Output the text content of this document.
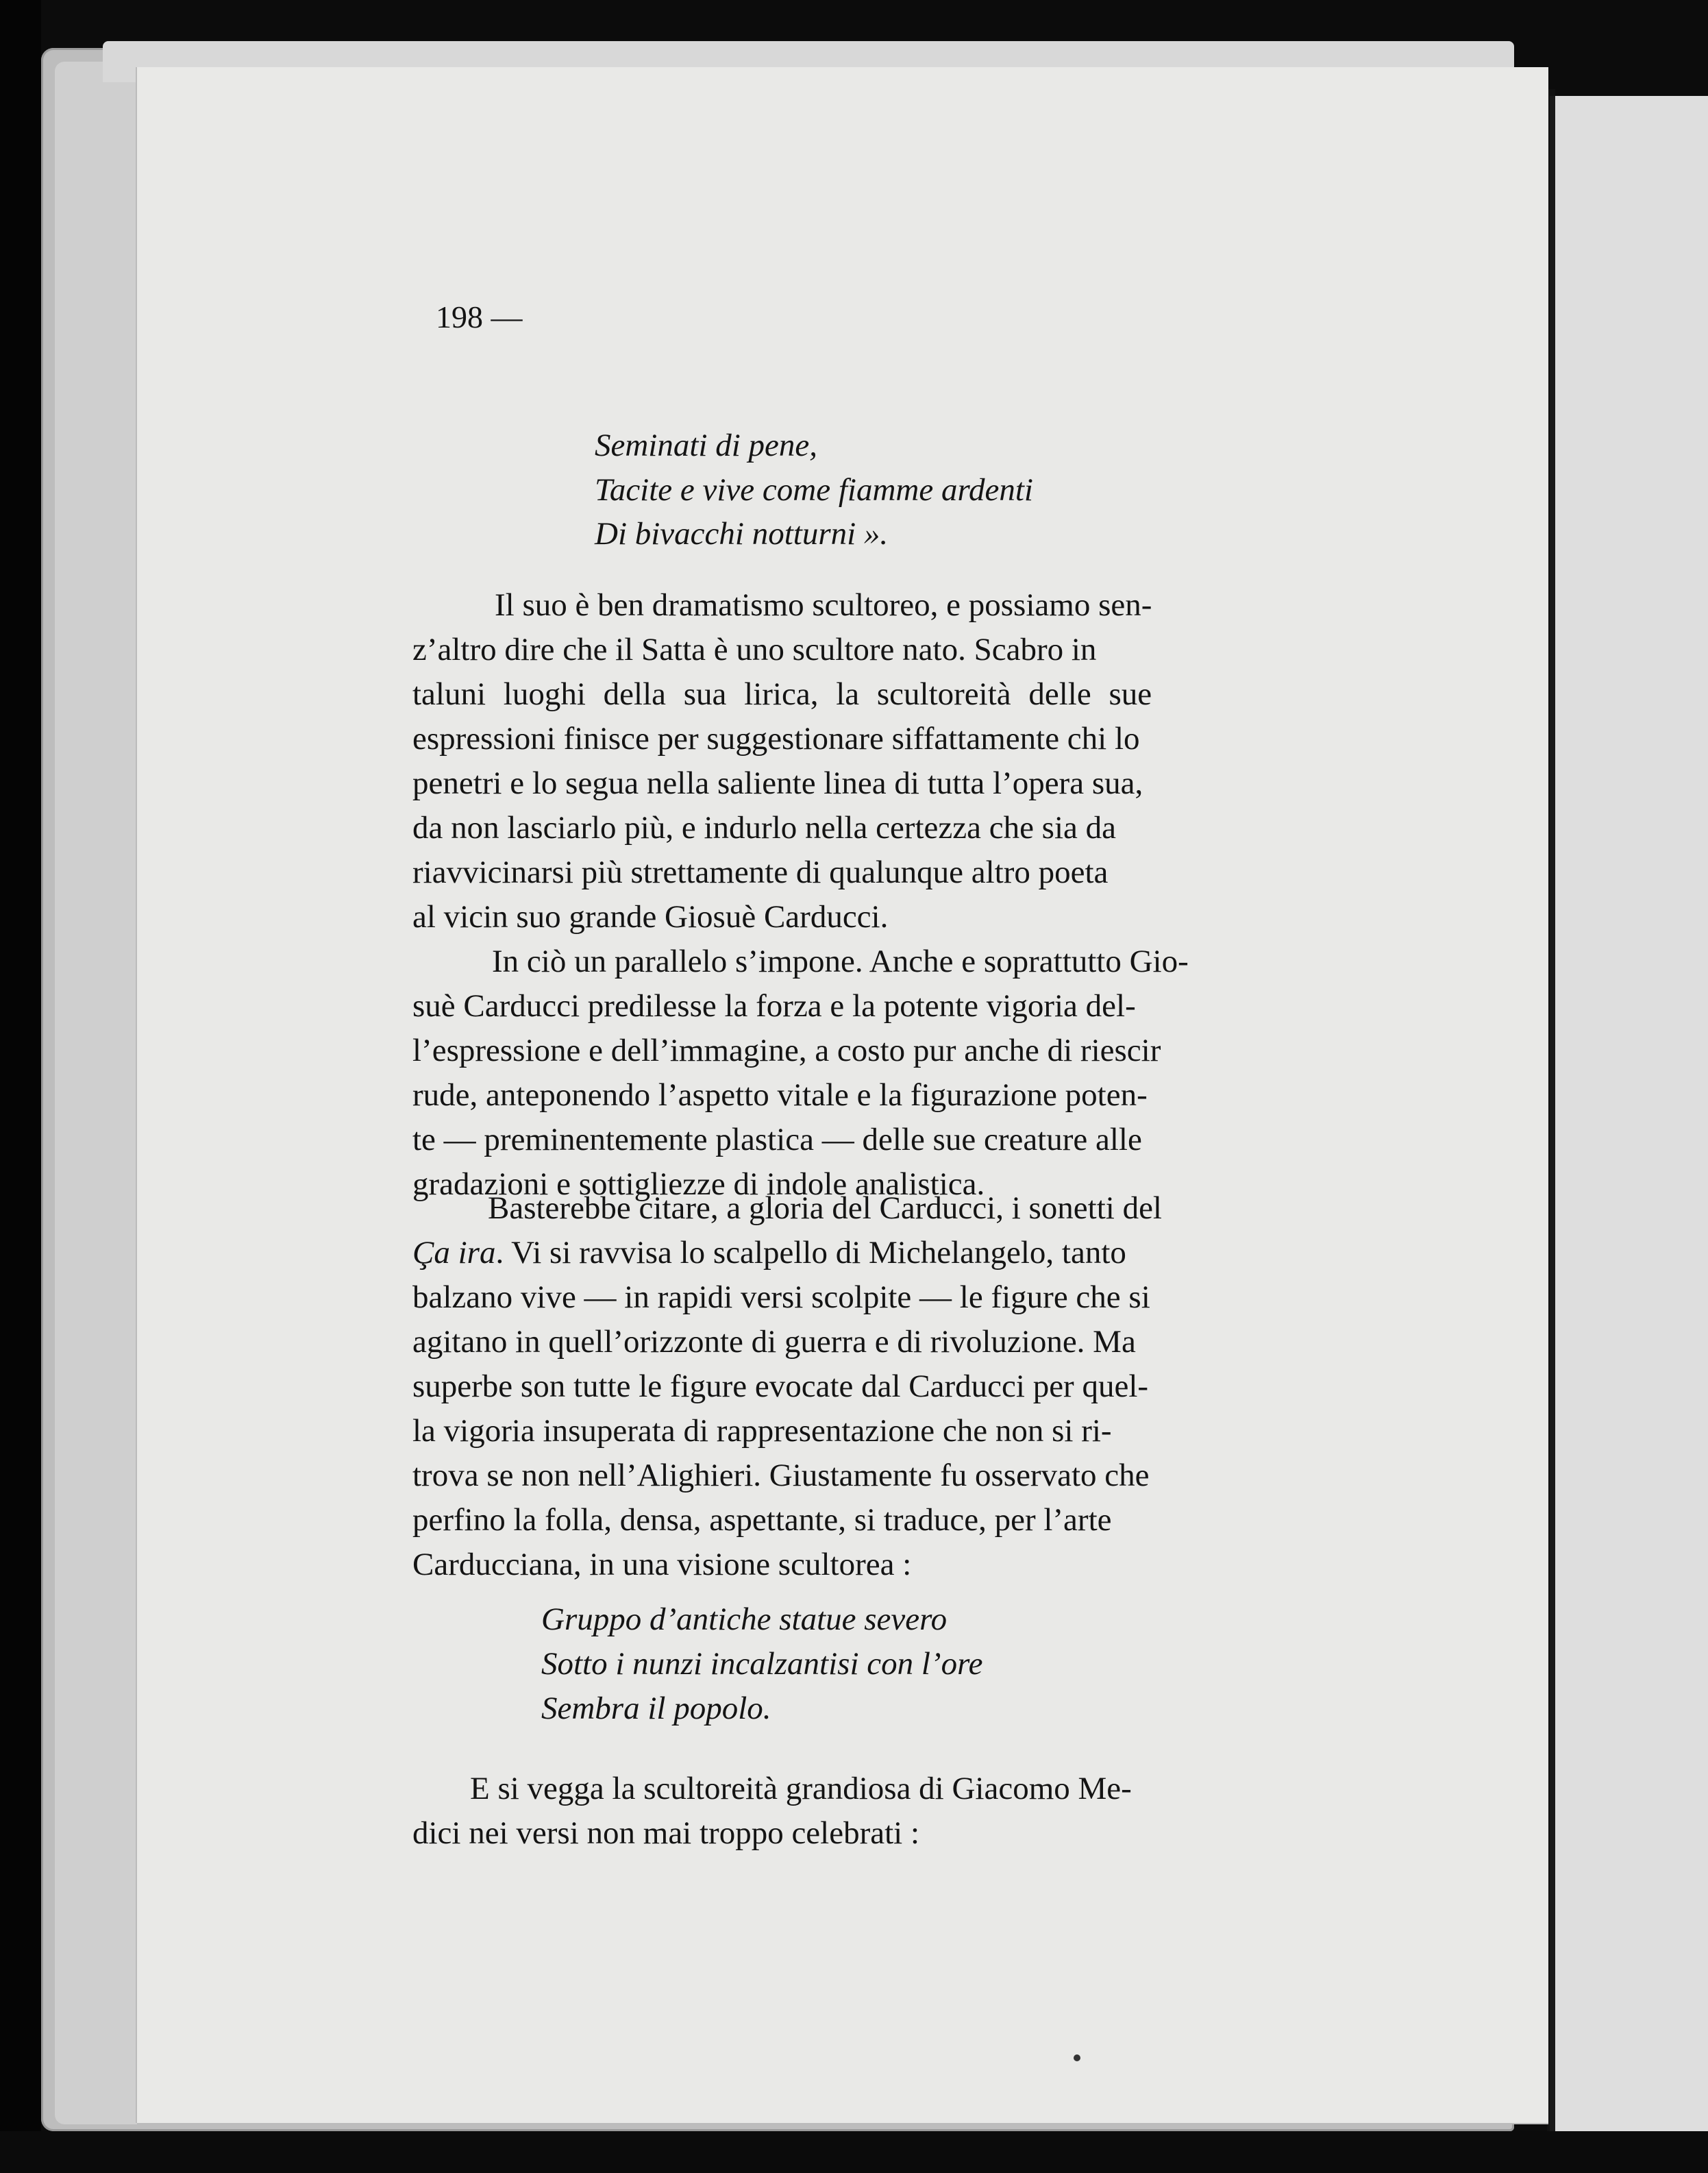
198 —
Seminati di pene,
Tacite e vive come fiamme ardenti
Di bivacchi notturni ».
Il suo è ben dramatismo scultoreo, e possiamo sen-
z’altro dire che il Satta è uno scultore nato. Scabro in
taluni luoghi della sua lirica, la scultoreità delle sue
espressioni finisce per suggestionare siffattamente chi lo
penetri e lo segua nella saliente linea di tutta l’opera sua,
da non lasciarlo più, e indurlo nella certezza che sia da
riavvicinarsi più strettamente di qualunque altro poeta
al vicin suo grande Giosuè Carducci.
In ciò un parallelo s’impone. Anche e soprattutto Gio-
suè Carducci predilesse la forza e la potente vigoria del-
l’espressione e dell’immagine, a costo pur anche di riescir
rude, anteponendo l’aspetto vitale e la figurazione poten-
te — preminentemente plastica — delle sue creature alle
gradazioni e sottigliezze di indole analistica.
Basterebbe citare, a gloria del Carducci, i sonetti del
Ça ira. Vi si ravvisa lo scalpello di Michelangelo, tanto
balzano vive — in rapidi versi scolpite — le figure che si
agitano in quell’orizzonte di guerra e di rivoluzione. Ma
superbe son tutte le figure evocate dal Carducci per quel-
la vigoria insuperata di rappresentazione che non si ri-
trova se non nell’Alighieri. Giustamente fu osservato che
perfino la folla, densa, aspettante, si traduce, per l’arte
Carducciana, in una visione scultorea :
Gruppo d’antiche statue severo
Sotto i nunzi incalzantisi con l’ore
Sembra il popolo.
E si vegga la scultoreità grandiosa di Giacomo Me-
dici nei versi non mai troppo celebrati :
